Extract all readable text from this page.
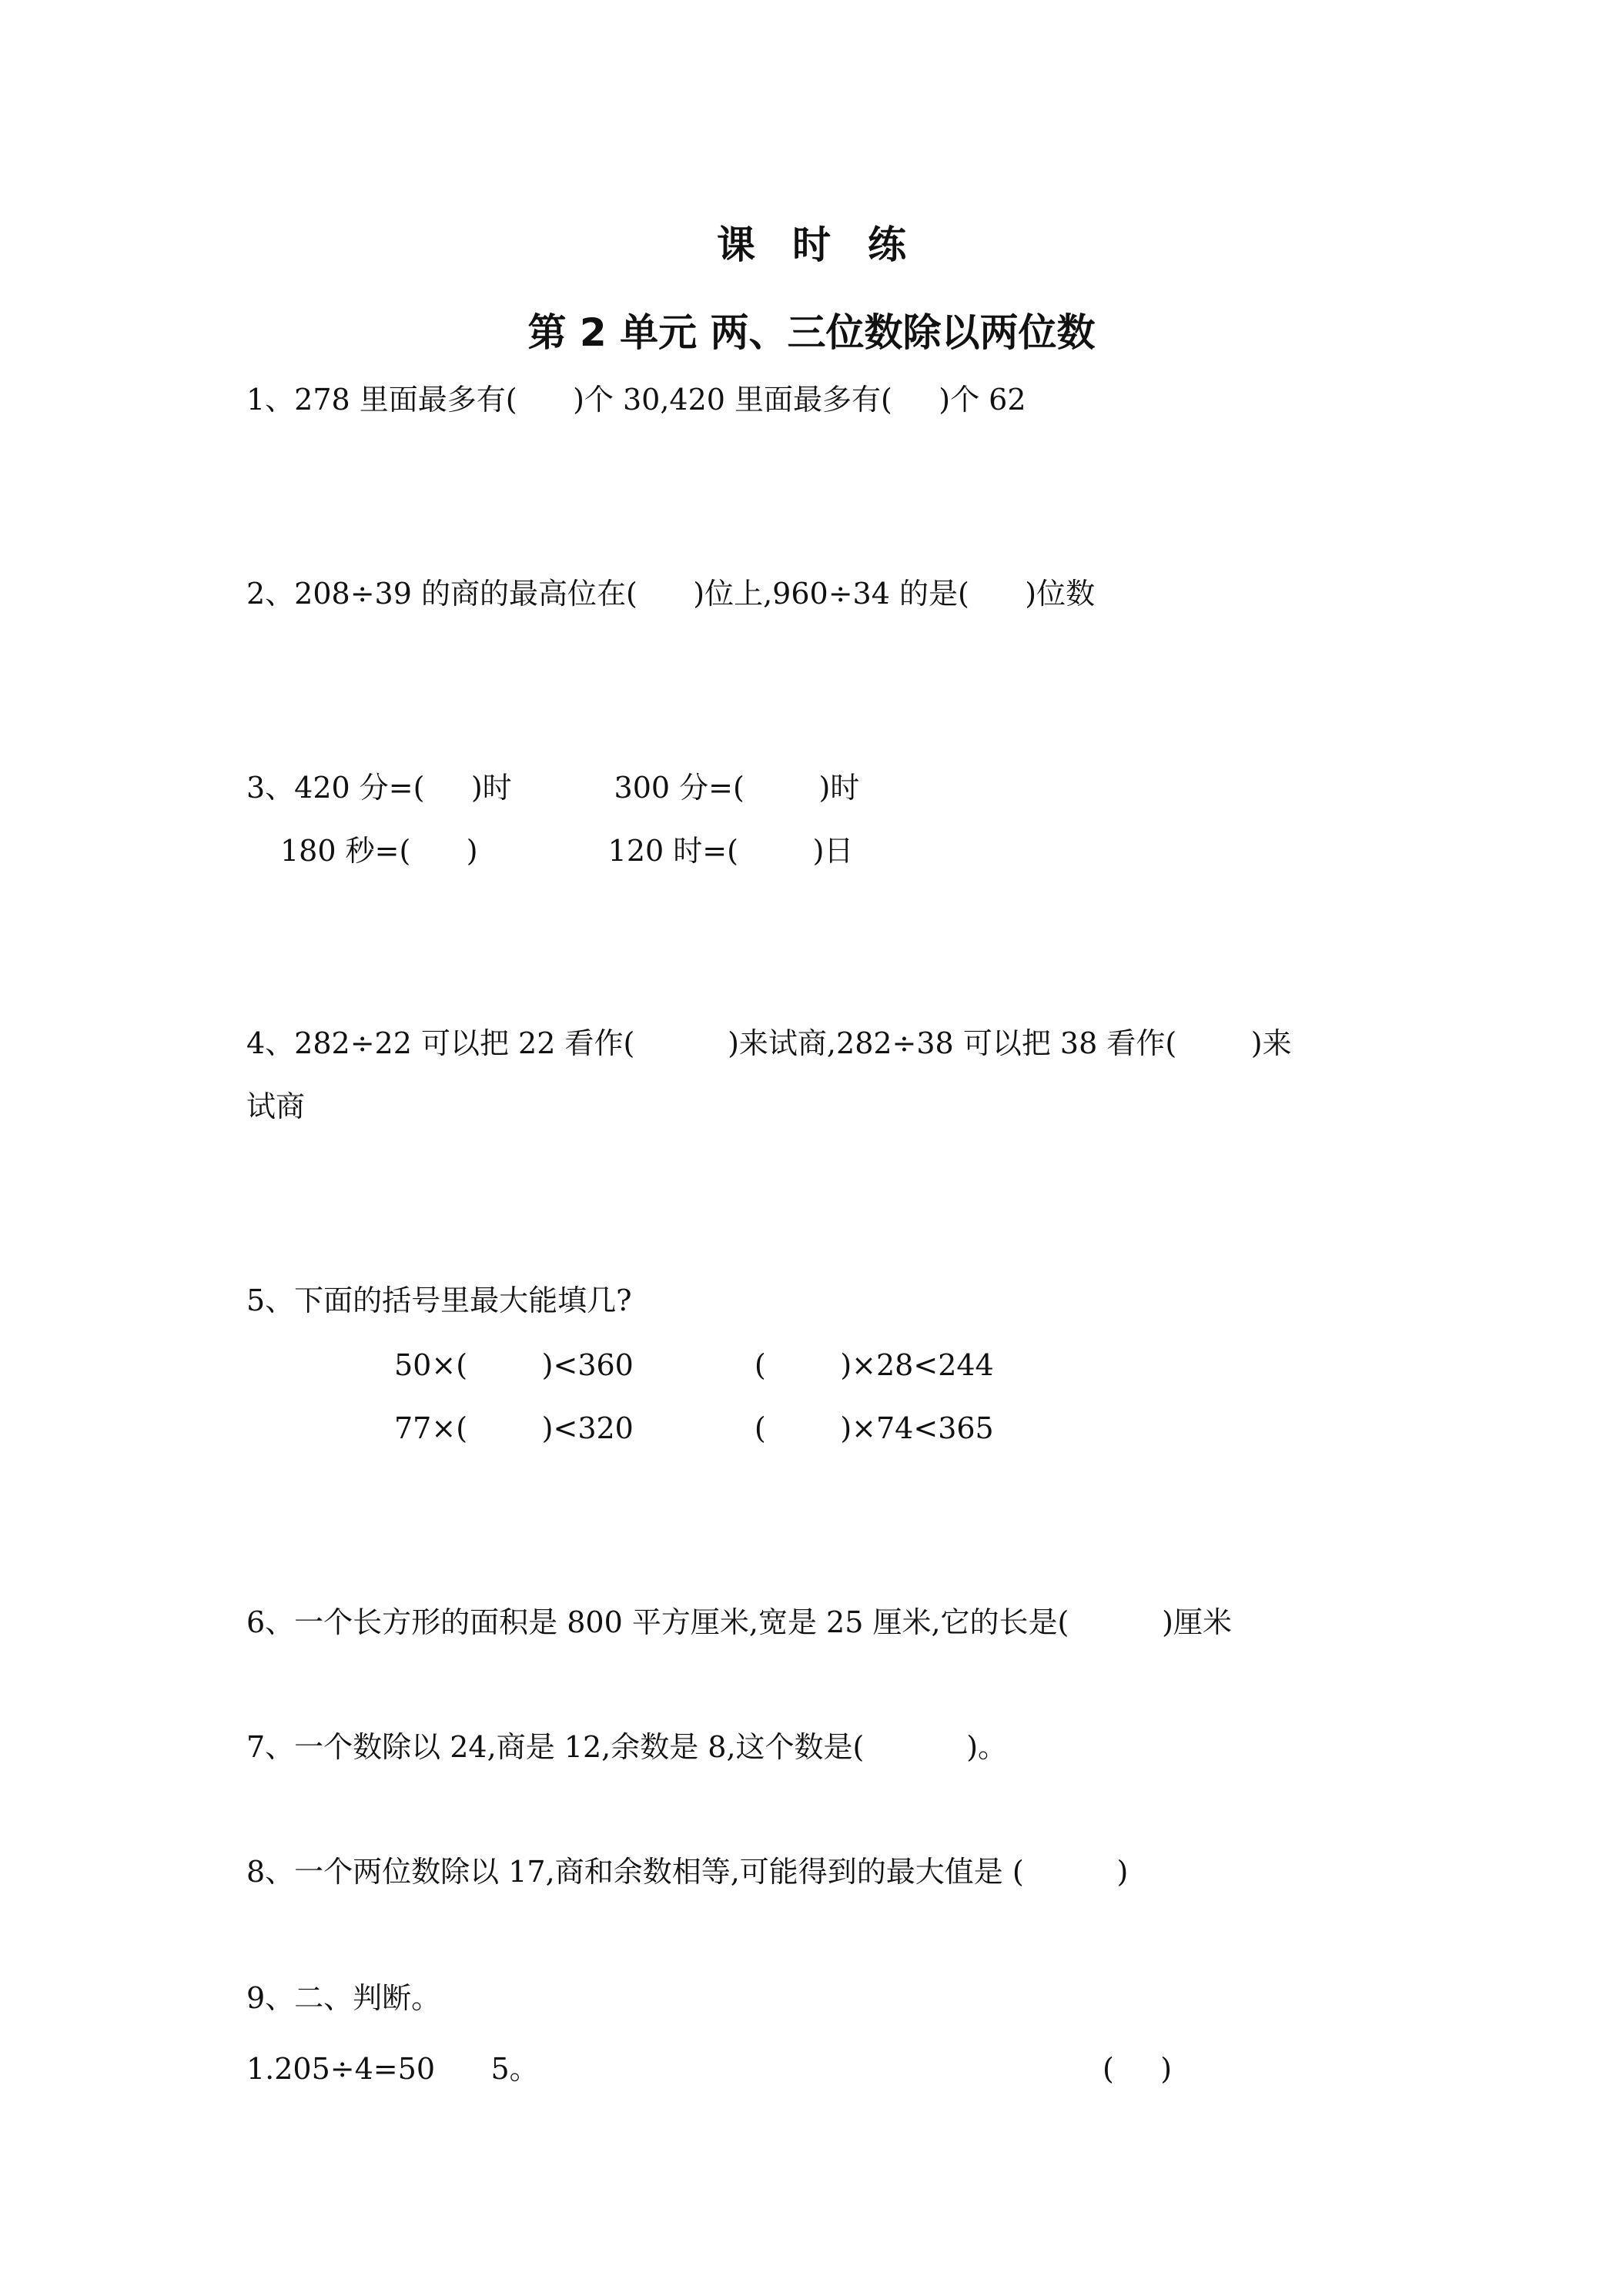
课时练
第 2 单元 两、三位数除以两位数
1、278 里面最多有(      )个 30,420 里面最多有(     )个 62
2、208÷39 的商的最高位在(      )位上,960÷34 的是(      )位数
3、420 分=(     )时           300 分=(        )时
180 秒=(      )              120 时=(        )日
4、282÷22 可以把 22 看作(          )来试商,282÷38 可以把 38 看作(        )来
试商
5、下面的括号里最大能填几?
50×(        )<360             (        )×28<244
77×(        )<320             (        )×74<365
6、一个长方形的面积是 800 平方厘米,宽是 25 厘米,它的长是(          )厘米
7、一个数除以 24,商是 12,余数是 8,这个数是(           )。
8、一个两位数除以 17,商和余数相等,可能得到的最大值是 (          )
9、二、判断。
1.205÷4=50      5。	(     )
